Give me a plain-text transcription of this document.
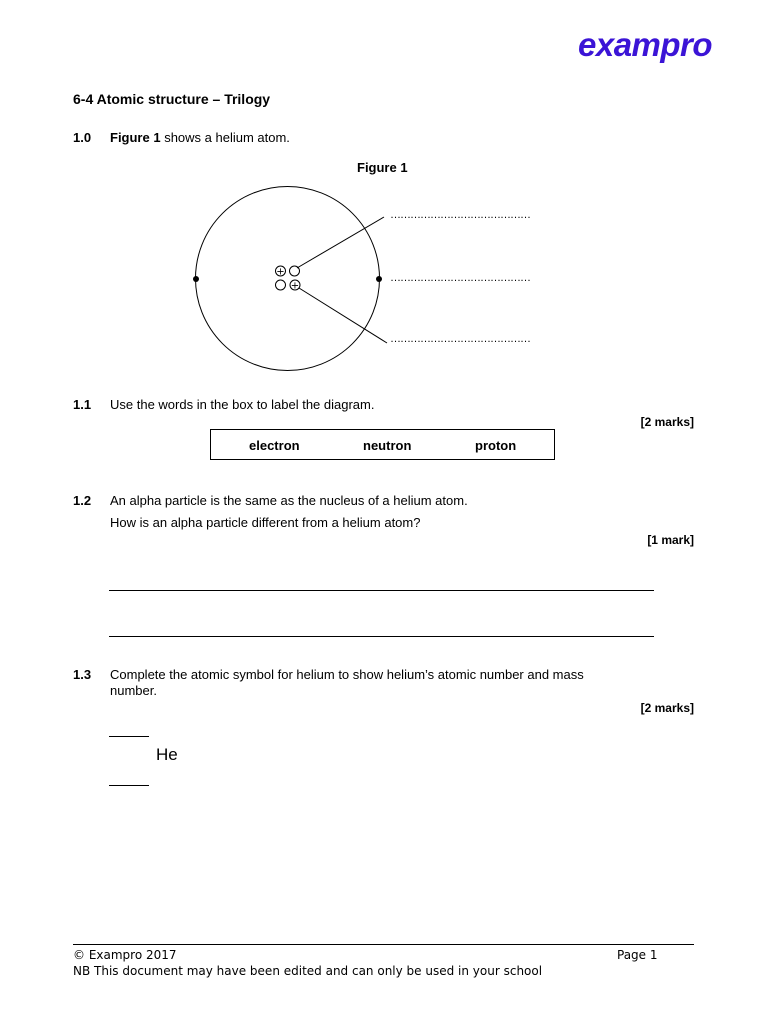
exampro
6-4 Atomic structure – Trilogy
1.0 Figure 1 shows a helium atom.
Figure 1
+
+
……………………………………
……………………………………
……………………………………
1.1 Use the words in the box to label the diagram.
[2 marks]
electron	neutron	proton
1.2 An alpha particle is the same as the nucleus of a helium atom.
How is an alpha particle different from a helium atom?
[1 mark]
1.3 Complete the atomic symbol for helium to show helium’s atomic number and mass
number.
[2 marks]
He
© Exampro 2017	Page 1
NB This document may have been edited and can only be used in your school
